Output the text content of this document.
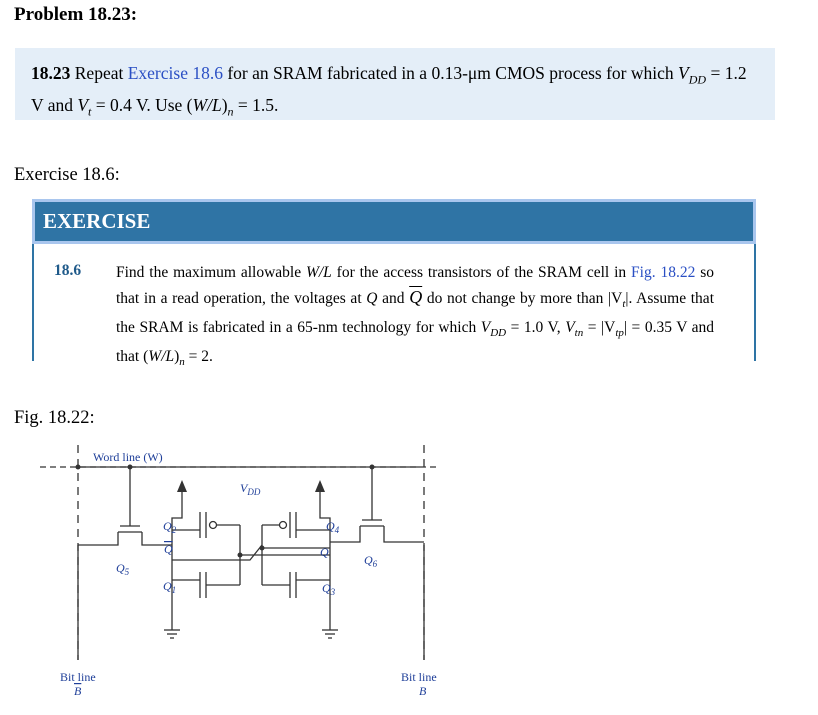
Problem 18.23:
18.23 Repeat Exercise 18.6 for an SRAM fabricated in a 0.13-μm CMOS process for which $V_{DD} = 1.2$ V and $V_t = 0.4$ V. Use $(W/L)_n = 1.5$.
Exercise 18.6:
EXERCISE
18.6 Find the maximum allowable W/L for the access transistors of the SRAM cell in Fig. 18.22 so that in a read operation, the voltages at Q and $\overline{Q}$ do not change by more than $|V_t|$. Assume that the SRAM is fabricated in a 65-nm technology for which $V_{DD} = 1.0$ V, $V_{tn} = |V_{tp}| = 0.35$ V and that $(W/L)_n = 2$.
Fig. 18.22:
Word line (W)
$V_{DD}$
$Q_2$
Q
$Q_5$
$Q_1$
$Q_4$
Q
$Q_6$
$Q_3$
Bit line
B
Bit line
B
